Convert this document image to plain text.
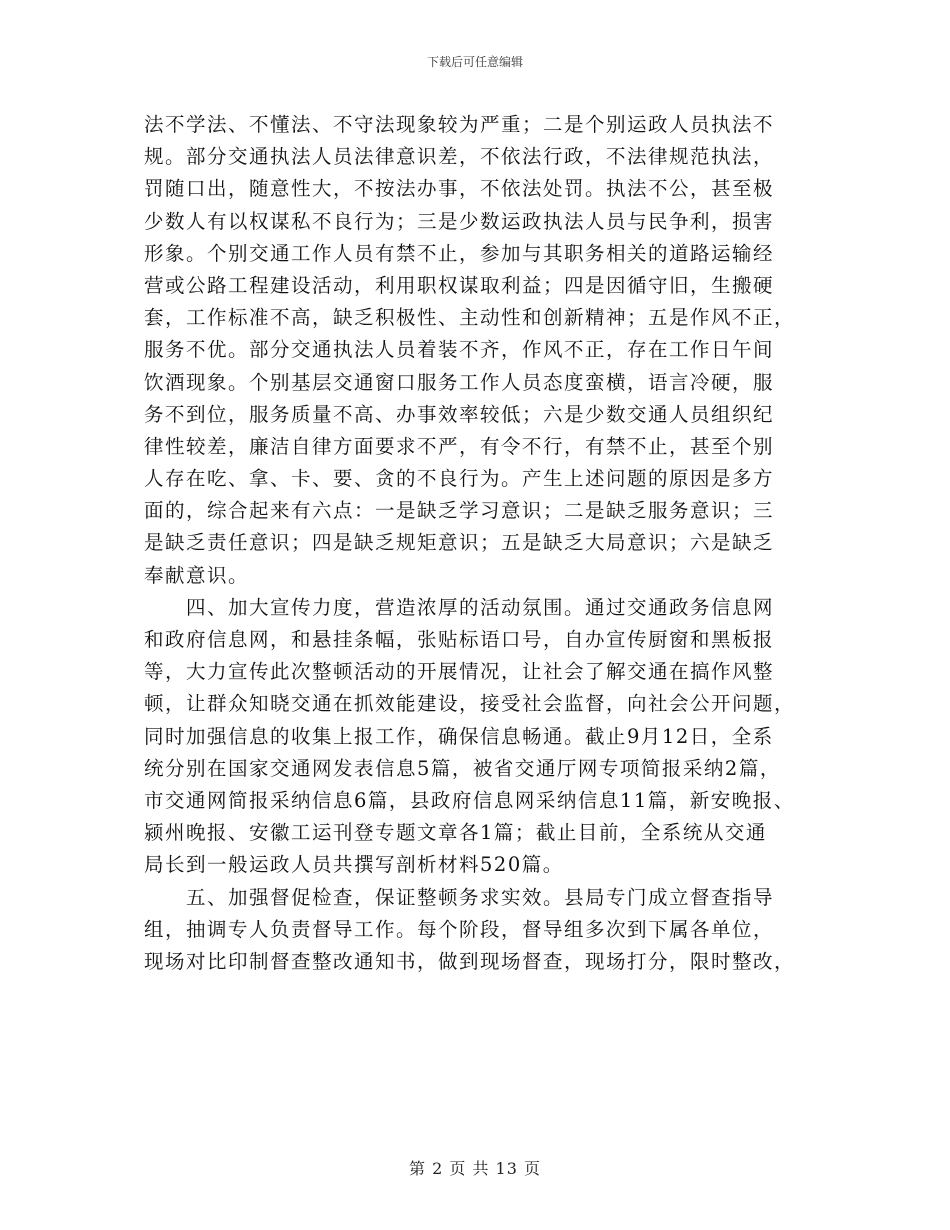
下载后可任意编辑
法不学法、不懂法、不守法现象较为严重；二是个别运政人员执法不
规。部分交通执法人员法律意识差，不依法行政，不法律规范执法，
罚随口出，随意性大，不按法办事，不依法处罚。执法不公，甚至极
少数人有以权谋私不良行为；三是少数运政执法人员与民争利，损害
形象。个别交通工作人员有禁不止，参加与其职务相关的道路运输经
营或公路工程建设活动，利用职权谋取利益；四是因循守旧，生搬硬
套，工作标准不高，缺乏积极性、主动性和创新精神；五是作风不正，
服务不优。部分交通执法人员着装不齐，作风不正，存在工作日午间
饮酒现象。个别基层交通窗口服务工作人员态度蛮横，语言冷硬，服
务不到位，服务质量不高、办事效率较低；六是少数交通人员组织纪
律性较差，廉洁自律方面要求不严，有令不行，有禁不止，甚至个别
人存在吃、拿、卡、要、贪的不良行为。产生上述问题的原因是多方
面的，综合起来有六点：一是缺乏学习意识；二是缺乏服务意识；三
是缺乏责任意识；四是缺乏规矩意识；五是缺乏大局意识；六是缺乏
奉献意识。
　　四、加大宣传力度，营造浓厚的活动氛围。通过交通政务信息网
和政府信息网，和悬挂条幅，张贴标语口号，自办宣传厨窗和黑板报
等，大力宣传此次整顿活动的开展情况，让社会了解交通在搞作风整
顿，让群众知晓交通在抓效能建设，接受社会监督，向社会公开问题，
同时加强信息的收集上报工作，确保信息畅通。截止9月12日，全系
统分别在国家交通网发表信息5篇，被省交通厅网专项简报采纳2篇，
市交通网简报采纳信息6篇，县政府信息网采纳信息11篇，新安晚报、
颍州晚报、安徽工运刊登专题文章各1篇；截止目前，全系统从交通
局长到一般运政人员共撰写剖析材料520篇。
　　五、加强督促检查，保证整顿务求实效。县局专门成立督查指导
组，抽调专人负责督导工作。每个阶段，督导组多次到下属各单位，
现场对比印制督查整改通知书，做到现场督查，现场打分，限时整改，
第 2 页 共 13 页
